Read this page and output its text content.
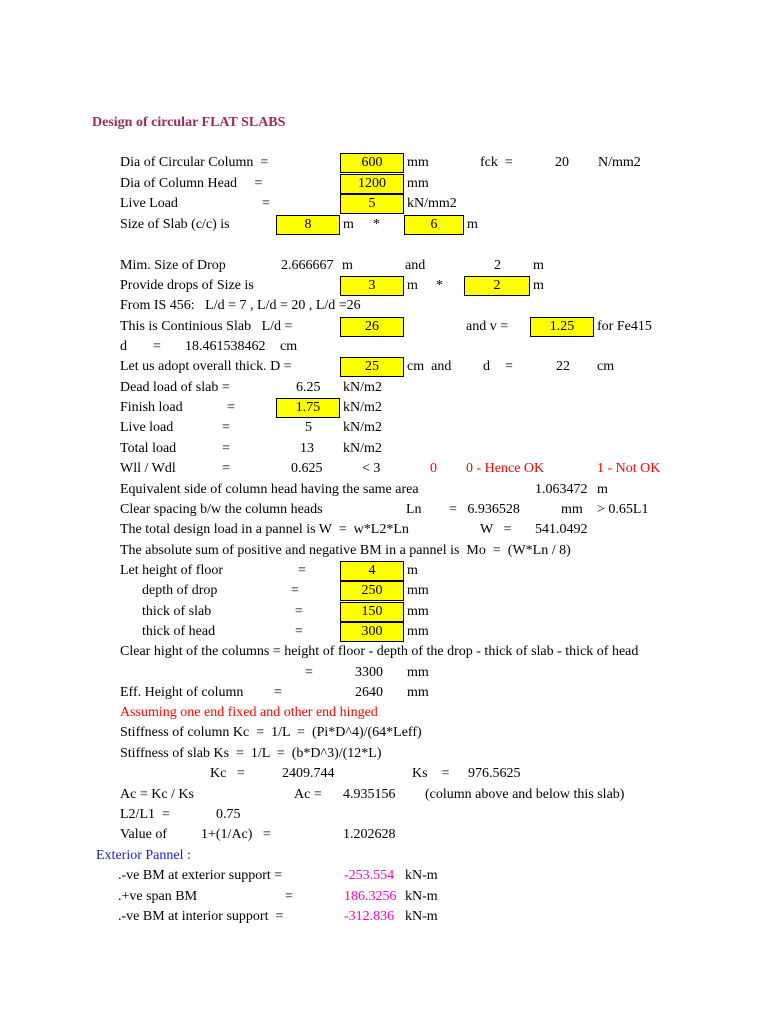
Design of circular FLAT SLABS
Dia of Circular Column  =	600	mm	fck  =	20 N/mm2
Dia of Column Head     =	1200	mm
Live Load	=	5	kN/mm2
Size of Slab (c/c) is	8	m *	6	m
Mim. Size of Drop	2.666667 m	and	2 m
Provide drops of Size is	3	m *	2	m
From IS 456:   L/d = 7 , L/d = 20 , L/d =26
This is Continious Slab   L/d =	26	and v =	1.25	for Fe415
d = 18.461538462 cm
Let us adopt overall thick. D =	25	cm  and d =	22 cm
Dead load of slab =	6.25 kN/m2
Finish load	=	1.75	kN/m2
Live load	=	5 kN/m2
Total load	=	13 kN/m2
Wll / Wdl	=	0.625	< 3	0 0 - Hence OK	1 - Not OK
Equivalent side of column head having the same area	1.063472 m
Clear spacing b/w the column heads	Ln =   6.936528	mm > 0.65L1
The total design load in a pannel is W  =  w*L2*Ln	W   = 541.0492
The absolute sum of positive and negative BM in a pannel is  Mo  =  (W*Ln / 8)
Let height of floor	=	4	m
depth of drop	=	250	mm
thick of slab	=	150	mm
thick of head	=	300	mm
Clear hight of the columns = height of floor - depth of the drop - thick of slab - thick of head
=	3300 mm
Eff. Height of column =	2640 mm
Assuming one end fixed and other end hinged
Stiffness of column Kc  =  1/L  =  (Pi*D^4)/(64*Leff)
Stiffness of slab Ks  =  1/L  =  (b*D^3)/(12*L)
Kc   =	2409.744	Ks    = 976.5625
Ac = Kc / Ks	Ac = 4.935156 (column above and below this slab)
L2/L1  =	0.75
Value of 1+(1/Ac)   =	1.202628
Exterior Pannel :
.-ve BM at exterior support =	-253.554 kN-m
.+ve span BM	=	186.3256 kN-m
.-ve BM at interior support  =	-312.836 kN-m
